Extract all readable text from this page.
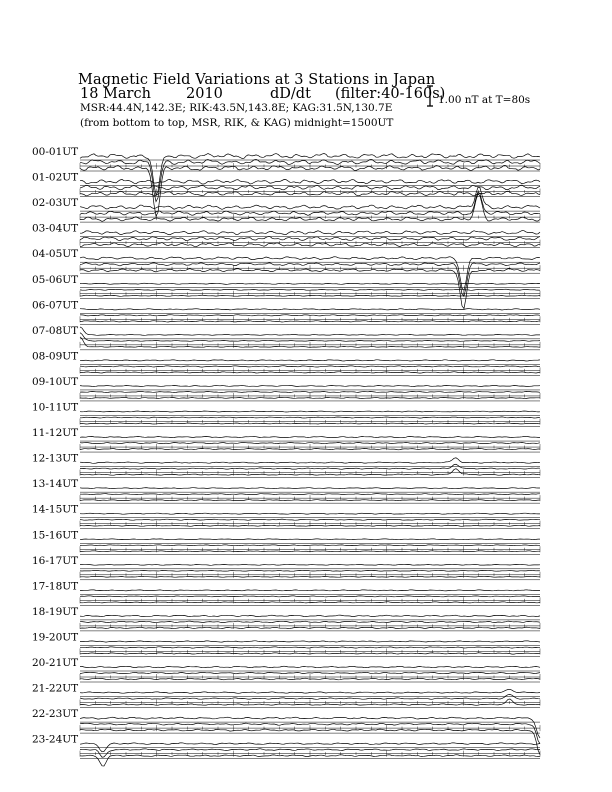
Magnetic Field Variations at 3 Stations in Japan
18 March 2010	dD/dt (filter:40-160s)
MSR:44.4N,142.3E; RIK:43.5N,143.8E; KAG:31.5N,130.7E
(from bottom to top, MSR, RIK, & KAG) midnight=1500UT
1.00 nT at T=80s
00-01UT
01-02UT
02-03UT
03-04UT
04-05UT
05-06UT
06-07UT
07-08UT
08-09UT
09-10UT
10-11UT
11-12UT
12-13UT
13-14UT
14-15UT
15-16UT
16-17UT
17-18UT
18-19UT
19-20UT
20-21UT
21-22UT
22-23UT
23-24UT
